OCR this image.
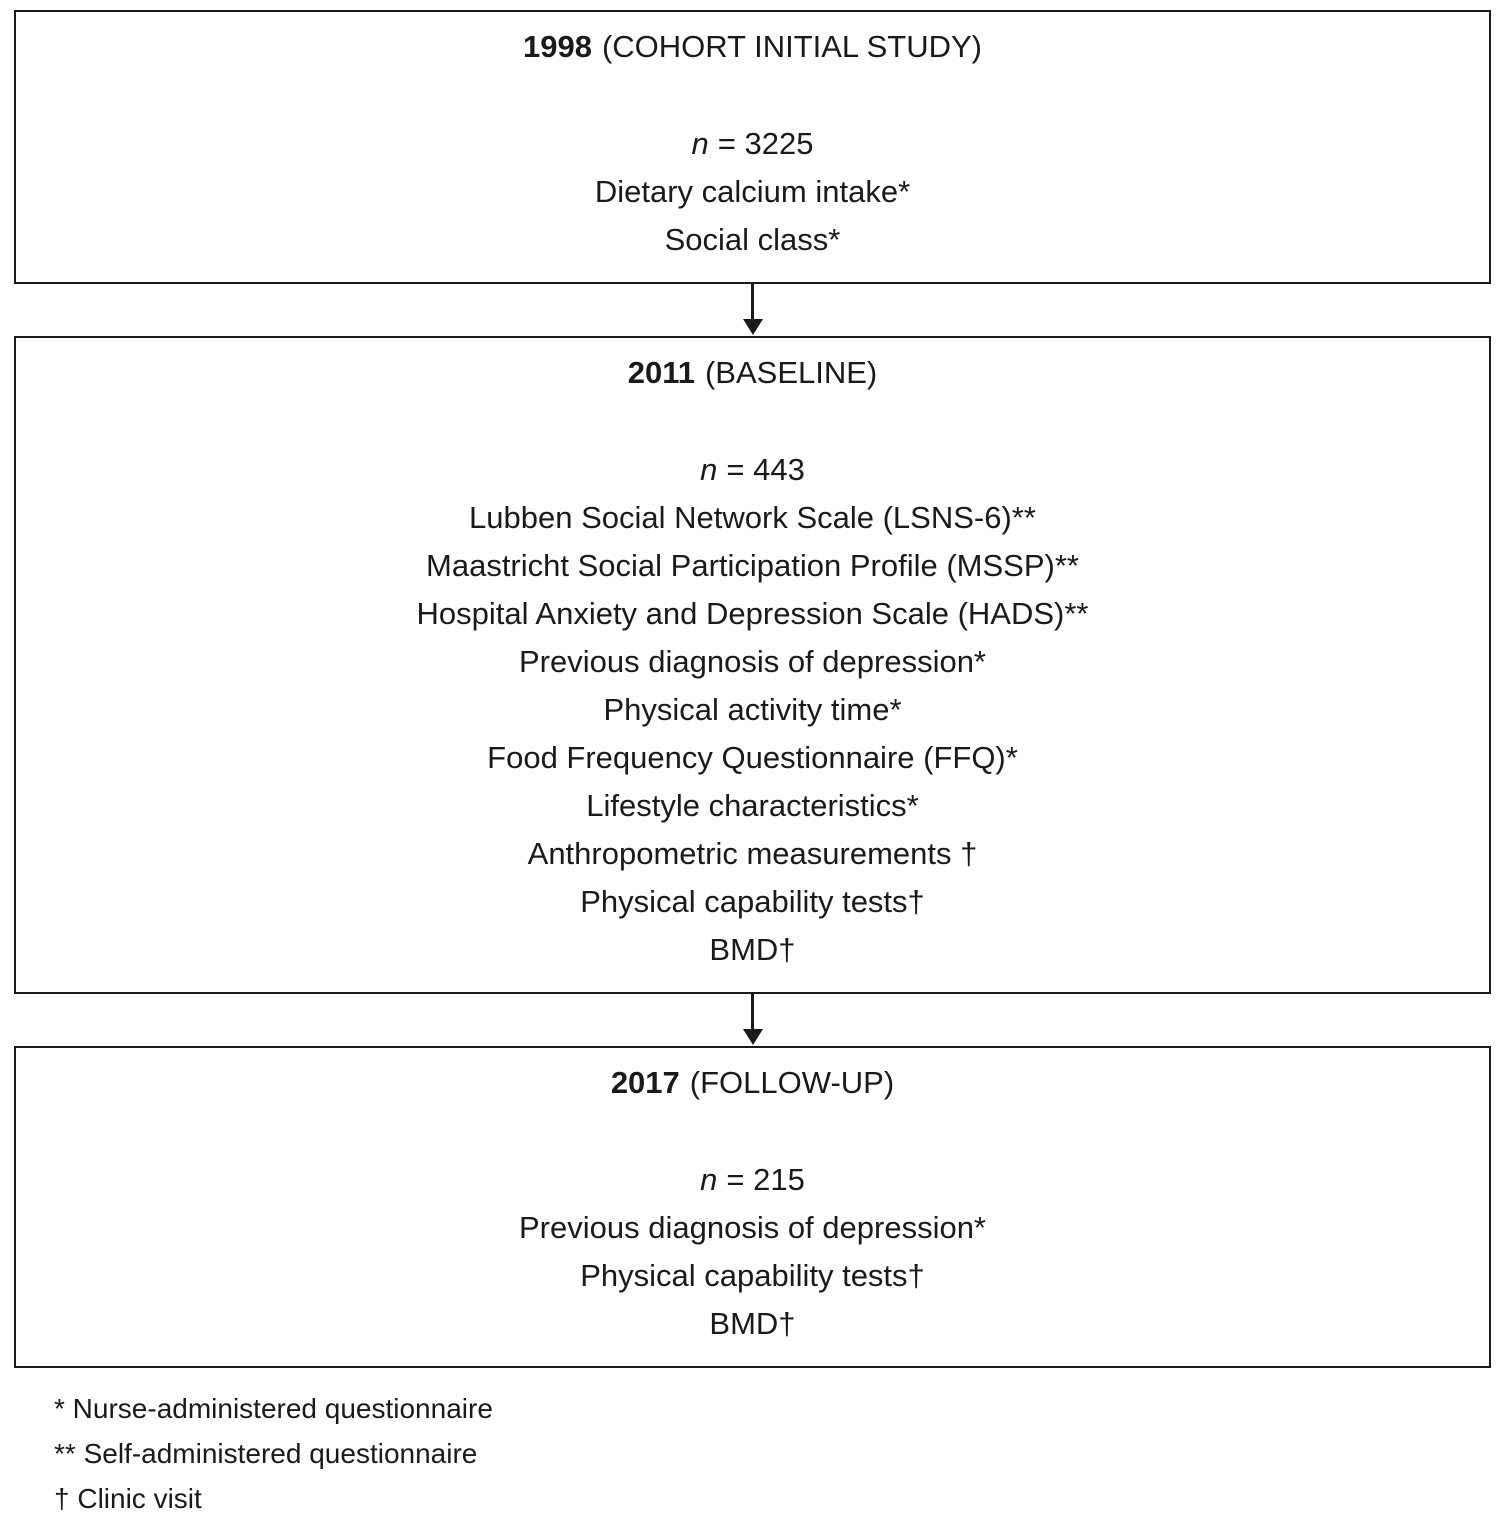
1998 (COHORT INITIAL STUDY)
n = 3225
Dietary calcium intake*
Social class*
2011 (BASELINE)
n = 443
Lubben Social Network Scale (LSNS-6)**
Maastricht Social Participation Profile (MSSP)**
Hospital Anxiety and Depression Scale (HADS)**
Previous diagnosis of depression*
Physical activity time*
Food Frequency Questionnaire (FFQ)*
Lifestyle characteristics*
Anthropometric measurements †
Physical capability tests†
BMD†
2017 (FOLLOW-UP)
n = 215
Previous diagnosis of depression*
Physical capability tests†
BMD†
* Nurse-administered questionnaire
** Self-administered questionnaire
† Clinic visit
